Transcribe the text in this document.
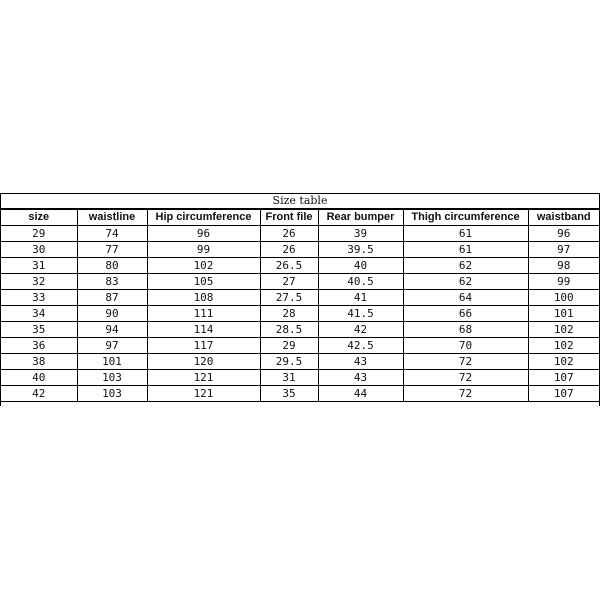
Size table
size	waistline	Hip circumference	Front file	Rear bumper	Thigh circumference	waistband
29	74	96	26	39	61	96
30	77	99	26	39.5	61	97
31	80	102	26.5	40	62	98
32	83	105	27	40.5	62	99
33	87	108	27.5	41	64	100
34	90	111	28	41.5	66	101
35	94	114	28.5	42	68	102
36	97	117	29	42.5	70	102
38	101	120	29.5	43	72	102
40	103	121	31	43	72	107
42	103	121	35	44	72	107
